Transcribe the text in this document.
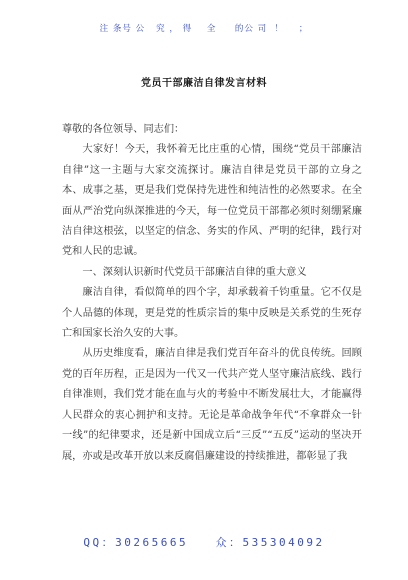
注 条号 公   究 ， 得    全     的公 司  ！    ；
党员干部廉洁自律发言材料

尊敬的各位领导、同志们：

大家好！今天，我怀着无比庄重的心情，围绕“党员干部廉洁自律”这一主题与大家交流探讨。廉洁自律是党员干部的立身之本、成事之基，更是我们党保持先进性和纯洁性的必然要求。在全面从严治党向纵深推进的今天，每一位党员干部都必须时刻绷紧廉洁自律这根弦，以坚定的信念、务实的作风、严明的纪律，践行对党和人民的忠诚。

一、深刻认识新时代党员干部廉洁自律的重大意义

廉洁自律，看似简单的四个字，却承载着千钧重量。它不仅是个人品德的体现，更是党的性质宗旨的集中反映是关系党的生死存亡和国家长治久安的大事。

从历史维度看，廉洁自律是我们党百年奋斗的优良传统。回顾党的百年历程，正是因为一代又一代共产党人坚守廉洁底线、践行自律准则，我们党才能在血与火的考验中不断发展壮大，才能赢得人民群众的衷心拥护和支持。无论是革命战争年代“不拿群众一针一线”的纪律要求，还是新中国成立后“三反”“五反”运动的坚决开展，亦或是改革开放以来反腐倡廉建设的持续推进，都彰显了我

QQ：30265665   众：535304092
